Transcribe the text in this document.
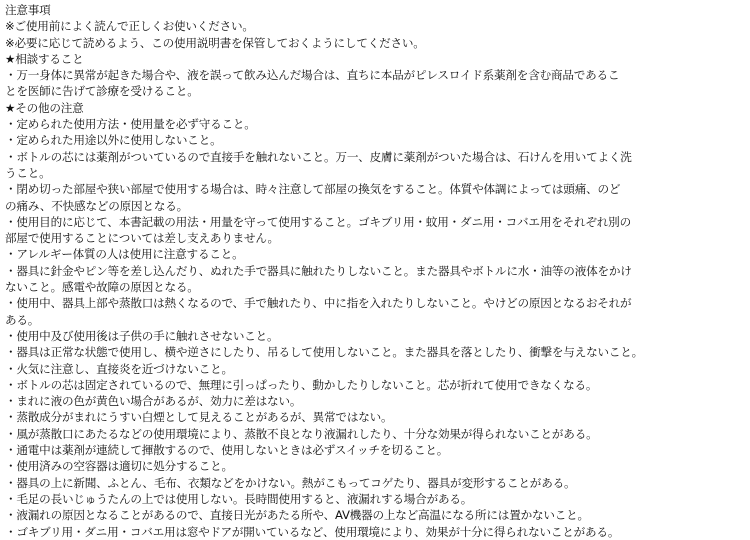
注意事項
※ご使用前によく読んで正しくお使いください。
※必要に応じて読めるよう、この使用説明書を保管しておくようにしてください。
★相談すること
・万一身体に異常が起きた場合や、液を誤って飲み込んだ場合は、直ちに本品がピレスロイド系薬剤を含む商品であるこ
とを医師に告げて診療を受けること。
★その他の注意
・定められた使用方法・使用量を必ず守ること。
・定められた用途以外に使用しないこと。
・ボトルの芯には薬剤がついているので直接手を触れないこと。万一、皮膚に薬剤がついた場合は、石けんを用いてよく洗
うこと。
・閉め切った部屋や狭い部屋で使用する場合は、時々注意して部屋の換気をすること。体質や体調によっては頭痛、のど
の痛み、不快感などの原因となる。
・使用目的に応じて、本書記載の用法・用量を守って使用すること。ゴキブリ用・蚊用・ダニ用・コバエ用をそれぞれ別の
部屋で使用することについては差し支えありません。
・アレルギー体質の人は使用に注意すること。
・器具に針金やピン等を差し込んだり、ぬれた手で器具に触れたりしないこと。また器具やボトルに水・油等の液体をかけ
ないこと。感電や故障の原因となる。
・使用中、器具上部や蒸散口は熱くなるので、手で触れたり、中に指を入れたりしないこと。やけどの原因となるおそれが
ある。
・使用中及び使用後は子供の手に触れさせないこと。
・器具は正常な状態で使用し、横や逆さにしたり、吊るして使用しないこと。また器具を落としたり、衝撃を与えないこと。
・火気に注意し、直接炎を近づけないこと。
・ボトルの芯は固定されているので、無理に引っぱったり、動かしたりしないこと。芯が折れて使用できなくなる。
・まれに液の色が黄色い場合があるが、効力に差はない。
・蒸散成分がまれにうすい白煙として見えることがあるが、異常ではない。
・風が蒸散口にあたるなどの使用環境により、蒸散不良となり液漏れしたり、十分な効果が得られないことがある。
・通電中は薬剤が連続して揮散するので、使用しないときは必ずスイッチを切ること。
・使用済みの空容器は適切に処分すること。
・器具の上に新聞、ふとん、毛布、衣類などをかけない。熱がこもってコゲたり、器具が変形することがある。
・毛足の長いじゅうたんの上では使用しない。長時間使用すると、液漏れする場合がある。
・液漏れの原因となることがあるので、直接日光があたる所や、AV機器の上など高温になる所には置かないこと。
・ゴキブリ用・ダニ用・コバエ用は窓やドアが開いているなど、使用環境により、効果が十分に得られないことがある。
